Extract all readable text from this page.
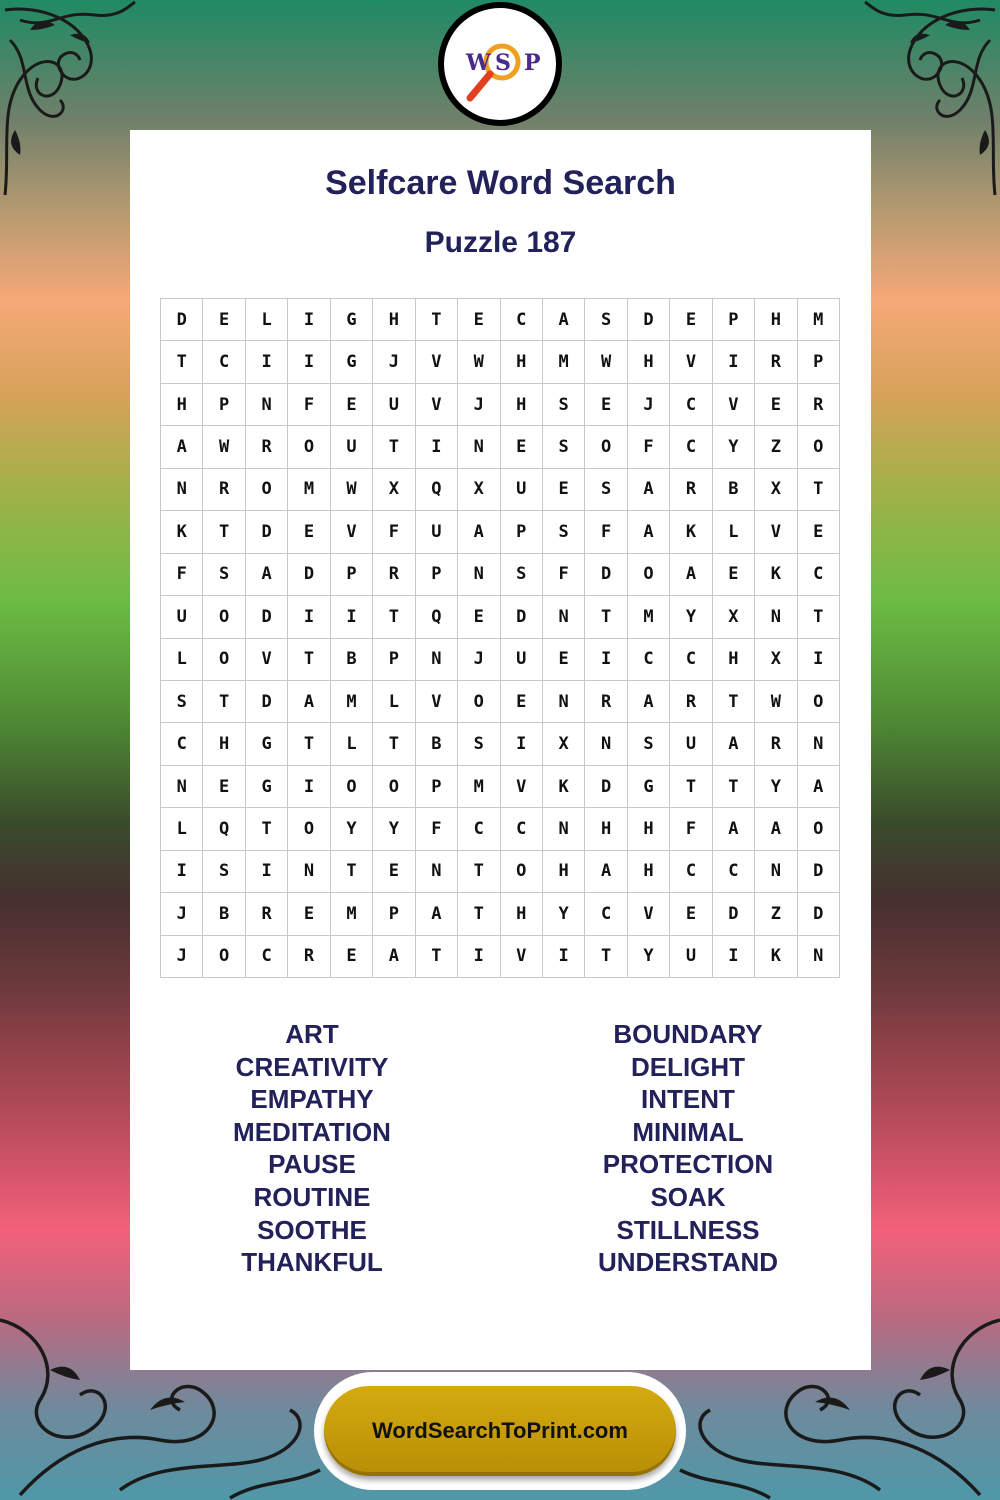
W S P
Selfcare Word Search
Puzzle 187
D	E	L	I	G	H	T	E	C	A	S	D	E	P	H	M
T	C	I	I	G	J	V	W	H	M	W	H	V	I	R	P
H	P	N	F	E	U	V	J	H	S	E	J	C	V	E	R
A	W	R	O	U	T	I	N	E	S	O	F	C	Y	Z	O
N	R	O	M	W	X	Q	X	U	E	S	A	R	B	X	T
K	T	D	E	V	F	U	A	P	S	F	A	K	L	V	E
F	S	A	D	P	R	P	N	S	F	D	O	A	E	K	C
U	O	D	I	I	T	Q	E	D	N	T	M	Y	X	N	T
L	O	V	T	B	P	N	J	U	E	I	C	C	H	X	I
S	T	D	A	M	L	V	O	E	N	R	A	R	T	W	O
C	H	G	T	L	T	B	S	I	X	N	S	U	A	R	N
N	E	G	I	O	O	P	M	V	K	D	G	T	T	Y	A
L	Q	T	O	Y	Y	F	C	C	N	H	H	F	A	A	O
I	S	I	N	T	E	N	T	O	H	A	H	C	C	N	D
J	B	R	E	M	P	A	T	H	Y	C	V	E	D	Z	D
J	O	C	R	E	A	T	I	V	I	T	Y	U	I	K	N
ART
CREATIVITY
EMPATHY
MEDITATION
PAUSE
ROUTINE
SOOTHE
THANKFUL
BOUNDARY
DELIGHT
INTENT
MINIMAL
PROTECTION
SOAK
STILLNESS
UNDERSTAND
WordSearchToPrint.com
